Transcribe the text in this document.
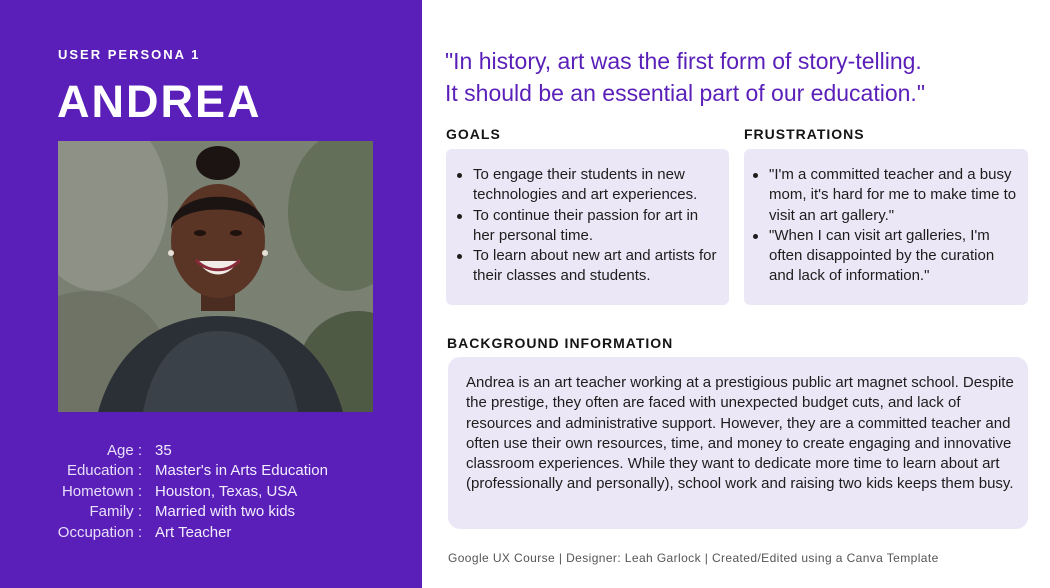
USER PERSONA 1
ANDREA
Age : 35
Education : Master's in Arts Education
Hometown : Houston, Texas, USA
Family : Married with two kids
Occupation : Art Teacher
"In history, art was the first form of story-telling.
It should be an essential part of our education."
GOALS
To engage their students in new technologies and art experiences.
To continue their passion for art in her personal time.
To learn about new art and artists for their classes and students.
FRUSTRATIONS
"I'm a committed teacher and a busy mom, it's hard for me to make time to visit an art gallery."
"When I can visit art galleries, I'm often disappointed by the curation and lack of information."
BACKGROUND INFORMATION

Andrea is an art teacher working at a prestigious public art magnet school. Despite the prestige, they often are faced with unexpected budget cuts, and lack of resources and administrative support. However, they are a committed teacher and often use their own resources, time, and money to create engaging and innovative classroom experiences. While they want to dedicate more time to learn about art (professionally and personally), school work and raising two kids keeps them busy.

Google UX Course | Designer: Leah Garlock | Created/Edited using a Canva Template
